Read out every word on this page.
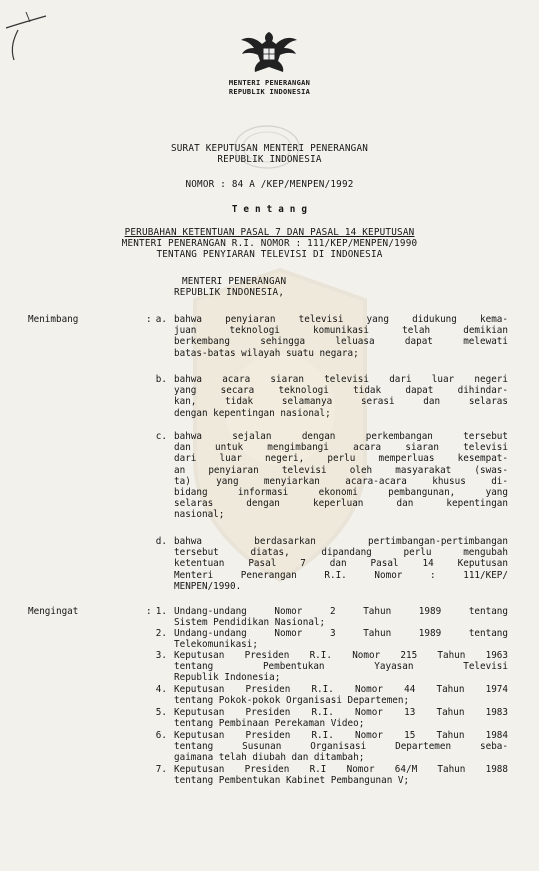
MENTERI PENERANGAN
REPUBLIK INDONESIA
SURAT KEPUTUSAN MENTERI PENERANGAN
REPUBLIK INDONESIA
NOMOR : 84 A /KEP/MENPEN/1992
T e n t a n g
PERUBAHAN KETENTUAN PASAL 7 DAN PASAL 14 KEPUTUSAN
MENTERI PENERANGAN R.I. NOMOR : 111/KEP/MENPEN/1990
TENTANG PENYIARAN TELEVISI DI INDONESIA
MENTERI PENERANGAN
REPUBLIK INDONESIA,
Menimbang	: a. bahwa penyiaran televisi yang didukung kema-
juan teknologi komunikasi telah demikian
berkembang sehingga leluasa dapat melewati
batas-batas wilayah suatu negara;
b. bahwa acara siaran televisi dari luar negeri
yang secara teknologi tidak dapat dihindar-
kan, tidak selamanya serasi dan selaras
dengan kepentingan nasional;
c. bahwa sejalan dengan perkembangan tersebut
dan untuk mengimbangi acara siaran televisi
dari luar negeri, perlu memperluas kesempat-
an penyiaran televisi oleh masyarakat (swas-
ta) yang menyiarkan acara-acara khusus di-
bidang informasi ekonomi pembangunan, yang
selaras dengan keperluan dan kepentingan
nasional;
d. bahwa berdasarkan pertimbangan-pertimbangan
tersebut diatas, dipandang perlu mengubah
ketentuan Pasal 7 dan Pasal 14 Keputusan
Menteri Penerangan R.I. Nomor : 111/KEP/
MENPEN/1990.
Mengingat	: 1. Undang-undang Nomor 2 Tahun 1989 tentang
Sistem Pendidikan Nasional;
2. Undang-undang Nomor 3 Tahun 1989 tentang
Telekomunikasi;
3. Keputusan Presiden R.I. Nomor 215 Tahun 1963
tentang Pembentukan Yayasan Televisi
Republik Indonesia;
4. Keputusan Presiden R.I. Nomor 44 Tahun 1974
tentang Pokok-pokok Organisasi Departemen;
5. Keputusan Presiden R.I. Nomor 13 Tahun 1983
tentang Pembinaan Perekaman Video;
6. Keputusan Presiden R.I. Nomor 15 Tahun 1984
tentang Susunan Organisasi Departemen seba-
gaimana telah diubah dan ditambah;
7. Keputusan Presiden R.I Nomor 64/M Tahun 1988
tentang Pembentukan Kabinet Pembangunan V;
